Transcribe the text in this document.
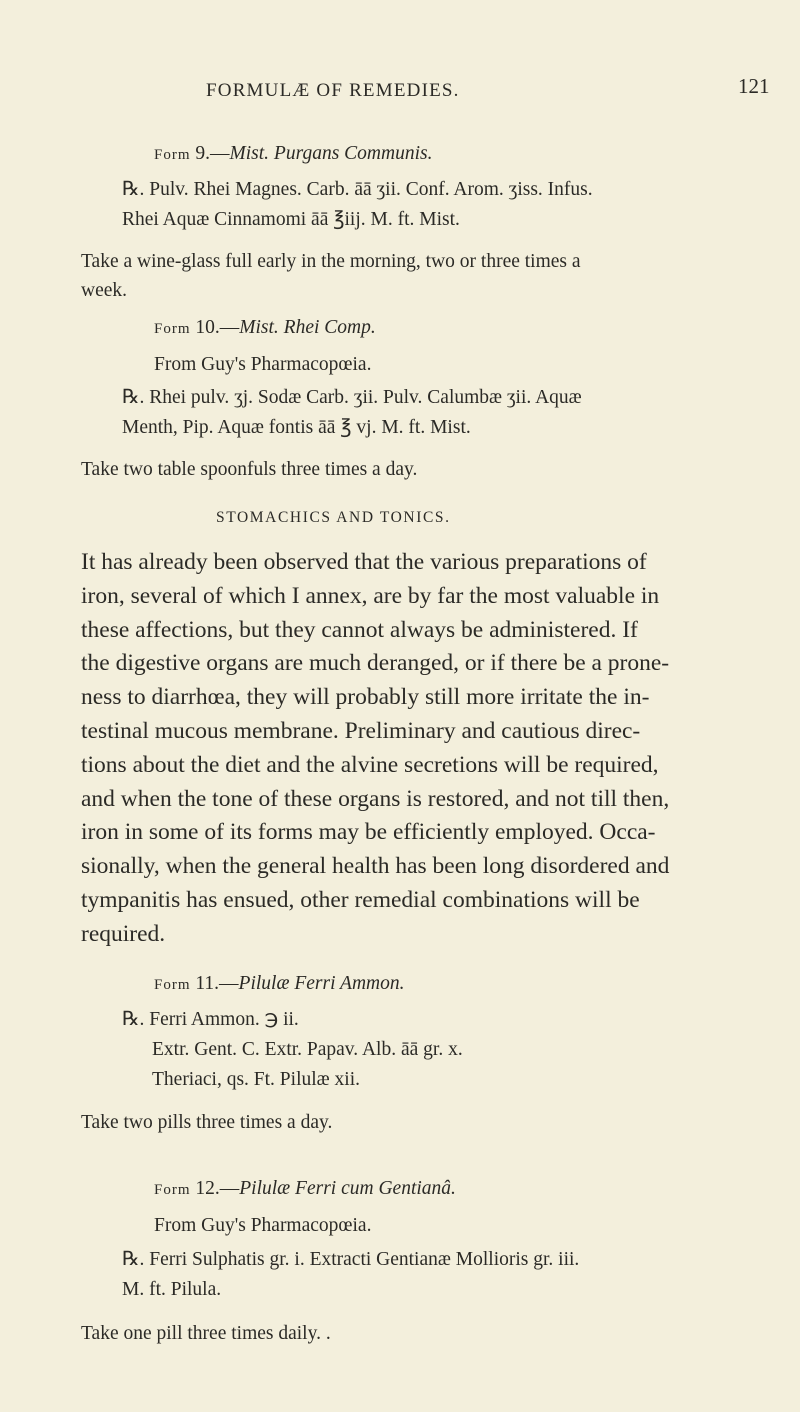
FORMULÆ OF REMEDIES.	121
Form 9.—Mist. Purgans Communis.
℞. Pulv. Rhei Magnes. Carb. āā ʒii. Conf. Arom. ʒiss. Infus.
Rhei Aquæ Cinnamomi āā ℥iij. M. ft. Mist.
Take a wine-glass full early in the morning, two or three times a
week.
Form 10.—Mist. Rhei Comp.
From Guy's Pharmacopœia.
℞. Rhei pulv. ʒj. Sodæ Carb. ʒii. Pulv. Calumbæ ʒii. Aquæ
Menth, Pip. Aquæ fontis āā ℥ vj. M. ft. Mist.
Take two table spoonfuls three times a day.
STOMACHICS AND TONICS.
It has already been observed that the various preparations of
iron, several of which I annex, are by far the most valuable in
these affections, but they cannot always be administered. If
the digestive organs are much deranged, or if there be a prone-
ness to diarrhœa, they will probably still more irritate the in-
testinal mucous membrane. Preliminary and cautious direc-
tions about the diet and the alvine secretions will be required,
and when the tone of these organs is restored, and not till then,
iron in some of its forms may be efficiently employed. Occa-
sionally, when the general health has been long disordered and
tympanitis has ensued, other remedial combinations will be
required.
Form 11.—Pilulæ Ferri Ammon.
℞. Ferri Ammon. ℈ ii.
Extr. Gent. C. Extr. Papav. Alb. āā gr. x.
Theriaci, qs. Ft. Pilulæ xii.
Take two pills three times a day.
Form 12.—Pilulæ Ferri cum Gentianâ.
From Guy's Pharmacopœia.
℞. Ferri Sulphatis gr. i. Extracti Gentianæ Mollioris gr. iii.
M. ft. Pilula.
Take one pill three times daily. .
